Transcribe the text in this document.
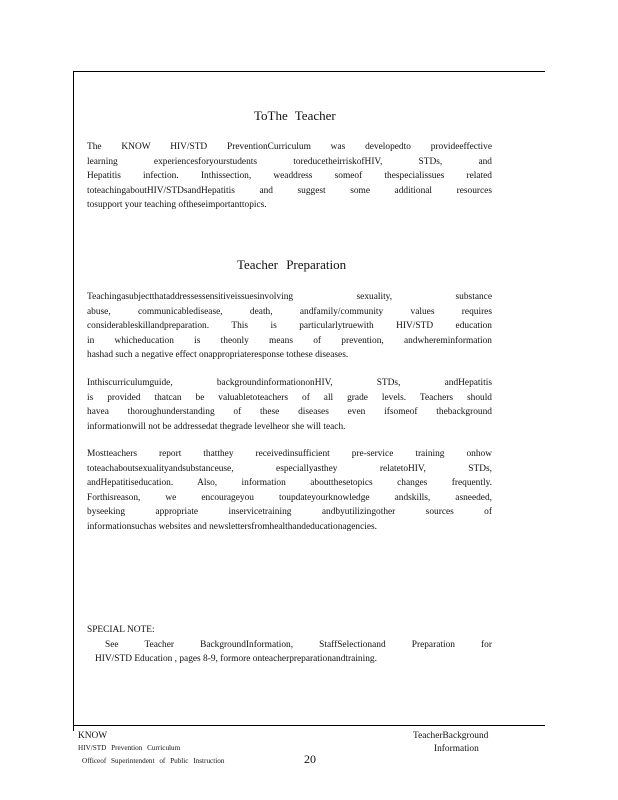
ToThe Teacher
The KNOW HIV/STD PreventionCurriculum was developedto provideeffective
learning experiencesforyourstudents toreducetheirriskofHIV, STDs, and
Hepatitis infection. Inthissection, weaddress someof thespecialissues related
toteachingaboutHIV/STDsandHepatitis and suggest some additional resources
tosupport your teaching oftheseimportanttopics.
Teacher Preparation
Teachingasubjectthataddressessensitiveissuesinvolving sexuality, substance
abuse, communicabledisease, death, andfamily/community values requires
considerableskillandpreparation. This is particularlytruewith HIV/STD education
in whicheducation is theonly means of prevention, andwhereminformation
hashad such a negative effect onappropriateresponse tothese diseases.
Inthiscurriculumguide, backgroundinformationonHIV, STDs, andHepatitis
is provided thatcan be valuabletoteachers of all grade levels. Teachers should
havea thoroughunderstanding of these diseases even ifsomeof thebackground
informationwill not be addressedat thegrade levelheor she will teach.
Mostteachers report thatthey receivedinsufficient pre-service training onhow
toteachaboutsexualityandsubstanceuse, especiallyasthey relatetoHIV, STDs,
andHepatitiseducation. Also, information aboutthesetopics changes frequently.
Forthisreason, we encourageyou toupdateyourknowledge andskills, asneeded,
byseeking appropriate inservicetraining andbyutilizingother sources of
informationsuchas websites and newslettersfromhealthandeducationagencies.
SPECIAL NOTE:
See Teacher BackgroundInformation, StaffSelectionand Preparation for
HIV/STD Education , pages 8-9, formore onteacherpreparationandtraining.
KNOW
HIV/STD Prevention Curriculum
Officeof Superintendent of Public Instruction
TeacherBackground
Information
20
